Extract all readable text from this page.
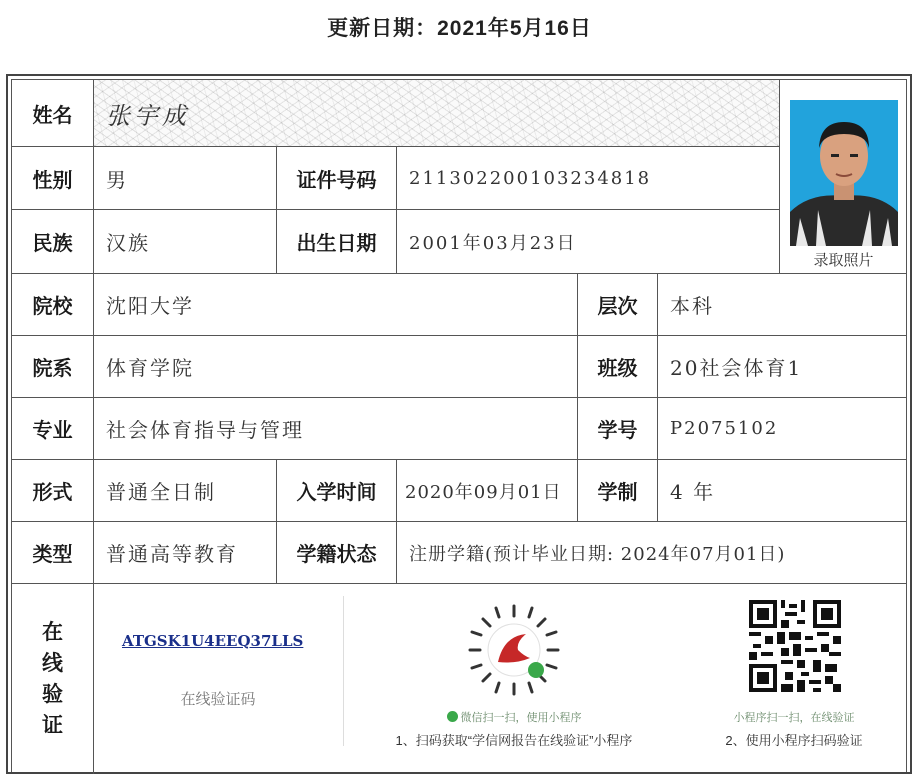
更新日期：2021年5月16日
姓名	张宇成
性别	男	证件号码	211302200103234818
民族	汉族	出生日期	2001年03月23日
录取照片
院校	沈阳大学	层次	本科
院系	体育学院	班级	20社会体育1
专业	社会体育指导与管理	学号	P2075102
形式	普通全日制	入学时间	2020年09月01日	学制	4 年
类型	普通高等教育	学籍状态	注册学籍(预计毕业日期: 2024年07月01日)
在
线
验
证
ATGSK1U4EEQ37LLS
在线验证码
微信扫一扫，使用小程序
1、扫码获取“学信网报告在线验证”小程序
小程序扫一扫，在线验证
2、使用小程序扫码验证
